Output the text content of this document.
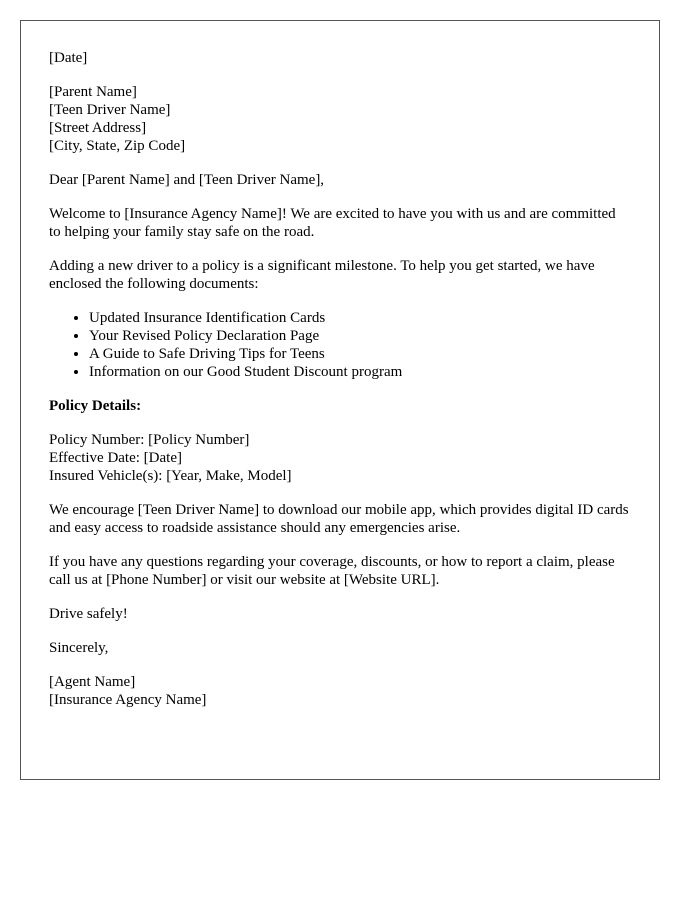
[Date]
[Parent Name]
[Teen Driver Name]
[Street Address]
[City, State, Zip Code]

Dear [Parent Name] and [Teen Driver Name],

Welcome to [Insurance Agency Name]! We are excited to have you with us and are committed to helping your family stay safe on the road.

Adding a new driver to a policy is a significant milestone. To help you get started, we have enclosed the following documents:

• Updated Insurance Identification Cards
• Your Revised Policy Declaration Page
• A Guide to Safe Driving Tips for Teens
• Information on our Good Student Discount program
Policy Details:
Policy Number: [Policy Number]
Effective Date: [Date]
Insured Vehicle(s): [Year, Make, Model]

We encourage [Teen Driver Name] to download our mobile app, which provides digital ID cards and easy access to roadside assistance should any emergencies arise.

If you have any questions regarding your coverage, discounts, or how to report a claim, please call us at [Phone Number] or visit our website at [Website URL].

Drive safely!

Sincerely,

[Agent Name]
[Insurance Agency Name]
